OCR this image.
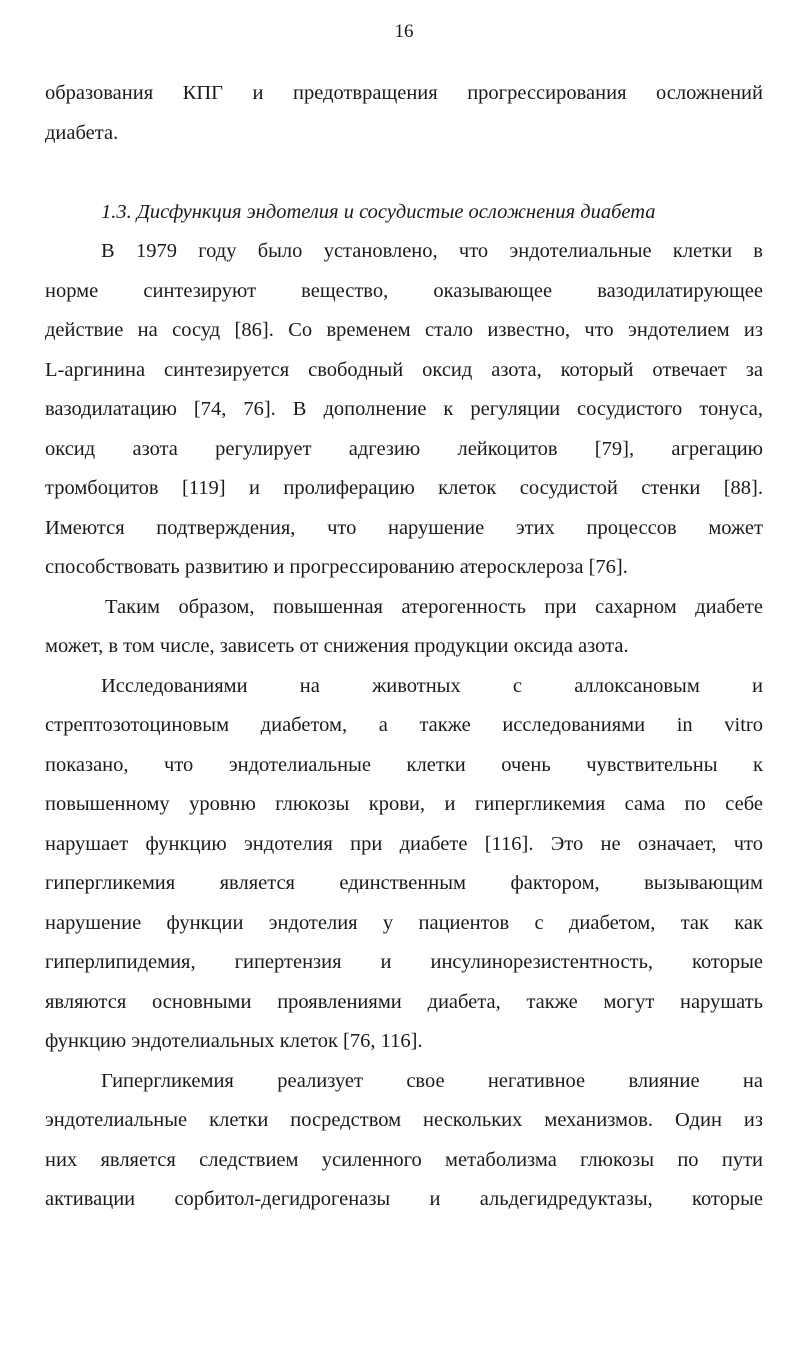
16
образования КПГ и предотвращения прогрессирования осложнений
диабета.
1.3. Дисфункция эндотелия и сосудистые осложнения диабета
В 1979 году было установлено, что эндотелиальные клетки в
норме синтезируют вещество, оказывающее вазодилатирующее
действие на сосуд [86]. Со временем стало известно, что эндотелием из
L-аргинина синтезируется свободный оксид азота, который отвечает за
вазодилатацию [74, 76]. В дополнение к регуляции сосудистого тонуса,
оксид азота регулирует адгезию лейкоцитов [79], агрегацию
тромбоцитов [119] и пролиферацию клеток сосудистой стенки [88].
Имеются подтверждения, что нарушение этих процессов может
способствовать развитию и прогрессированию атеросклероза [76].
Таким образом, повышенная атерогенность при сахарном диабете
может, в том числе, зависеть от снижения продукции оксида азота.
Исследованиями на животных с аллоксановым и
стрептозотоциновым диабетом, а также исследованиями in vitro
показано, что эндотелиальные клетки очень чувствительны к
повышенному уровню глюкозы крови, и гипергликемия сама по себе
нарушает функцию эндотелия при диабете [116]. Это не означает, что
гипергликемия является единственным фактором, вызывающим
нарушение функции эндотелия у пациентов с диабетом, так как
гиперлипидемия, гипертензия и инсулинорезистентность, которые
являются основными проявлениями диабета, также могут нарушать
функцию эндотелиальных клеток [76, 116].
Гипергликемия реализует свое негативное влияние на
эндотелиальные клетки посредством нескольких механизмов. Один из
них является следствием усиленного метаболизма глюкозы по пути
активации сорбитол-дегидрогеназы и альдегидредуктазы, которые
